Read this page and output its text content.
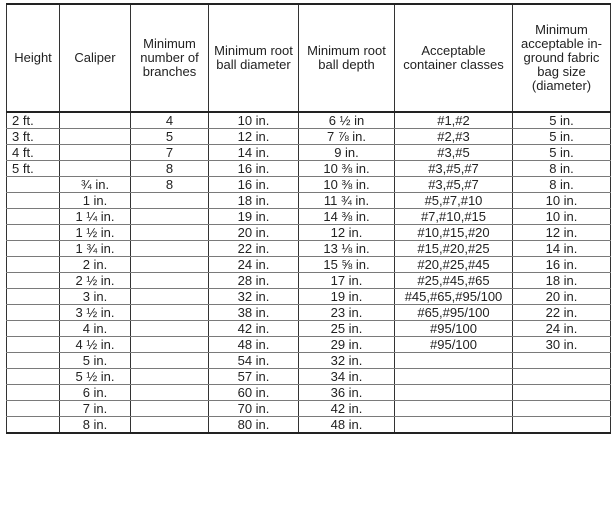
Height	Caliper	Minimum number of branches	Minimum root ball diameter	Minimum root ball depth	Acceptable container classes	Minimum acceptable in-ground fabric bag size (diameter)
2 ft.		4	10 in.	6 ½ in	#1,#2	5 in.
3 ft.		5	12 in.	7 ⅞ in.	#2,#3	5 in.
4 ft.		7	14 in.	9 in.	#3,#5	5 in.
5 ft.		8	16 in.	10 ⅜ in.	#3,#5,#7	8 in.
	¾ in.	8	16 in.	10 ⅜ in.	#3,#5,#7	8 in.
	1 in.		18 in.	11 ¾ in.	#5,#7,#10	10 in.
	1 ¼ in.		19 in.	14 ⅜ in.	#7,#10,#15	10 in.
	1 ½ in.		20 in.	12 in.	#10,#15,#20	12 in.
	1 ¾ in.		22 in.	13 ⅛ in.	#15,#20,#25	14 in.
	2 in.		24 in.	15 ⅝ in.	#20,#25,#45	16 in.
	2 ½ in.		28 in.	17 in.	#25,#45,#65	18 in.
	3 in.		32 in.	19 in.	#45,#65,#95/100	20 in.
	3 ½ in.		38 in.	23 in.	#65,#95/100	22 in.
	4 in.		42 in.	25 in.	#95/100	24 in.
	4 ½ in.		48 in.	29 in.	#95/100	30 in.
	5 in.		54 in.	32 in.		
	5 ½ in.		57 in.	34 in.		
	6 in.		60 in.	36 in.		
	7 in.		70 in.	42 in.		
	8 in.		80 in.	48 in.		
